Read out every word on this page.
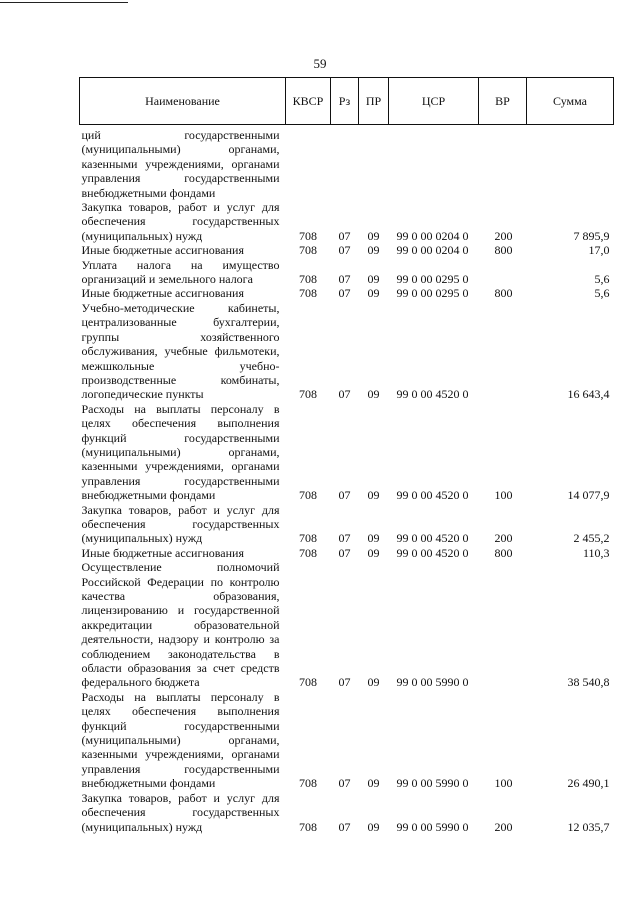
59
Наименование	КВСР	Рз	ПР	ЦСР	ВР	Сумма

ций государственными (муниципальными) органами, казенными учреждениями, органами управления государственными внебюджетными фондами						
Закупка товаров, работ и услуг для обеспечения государственных (муниципальных) нужд	708	07	09	99 0 00 0204 0	200	7 895,9
Иные бюджетные ассигнования	708	07	09	99 0 00 0204 0	800	17,0
Уплата налога на имущество организаций и земельного налога	708	07	09	99 0 00 0295 0		5,6
Иные бюджетные ассигнования	708	07	09	99 0 00 0295 0	800	5,6
Учебно-методические кабинеты, централизованные бухгалтерии, группы хозяйственного обслуживания, учебные фильмотеки, межшкольные учебно-производственные комбинаты, логопедические пункты	708	07	09	99 0 00 4520 0		16 643,4
Расходы на выплаты персоналу в целях обеспечения выполнения функций государственными (муниципальными) органами, казенными учреждениями, органами управления государственными внебюджетными фондами	708	07	09	99 0 00 4520 0	100	14 077,9
Закупка товаров, работ и услуг для обеспечения государственных (муниципальных) нужд	708	07	09	99 0 00 4520 0	200	2 455,2
Иные бюджетные ассигнования	708	07	09	99 0 00 4520 0	800	110,3
Осуществление полномочий Российской Федерации по контролю качества образования, лицензированию и государственной аккредитации образовательной деятельности, надзору и контролю за соблюдением законодательства в области образования за счет средств федерального бюджета	708	07	09	99 0 00 5990 0		38 540,8
Расходы на выплаты персоналу в целях обеспечения выполнения функций государственными (муниципальными) органами, казенными учреждениями, органами управления государственными внебюджетными фондами	708	07	09	99 0 00 5990 0	100	26 490,1
Закупка товаров, работ и услуг для обеспечения государственных (муниципальных) нужд	708	07	09	99 0 00 5990 0	200	12 035,7
